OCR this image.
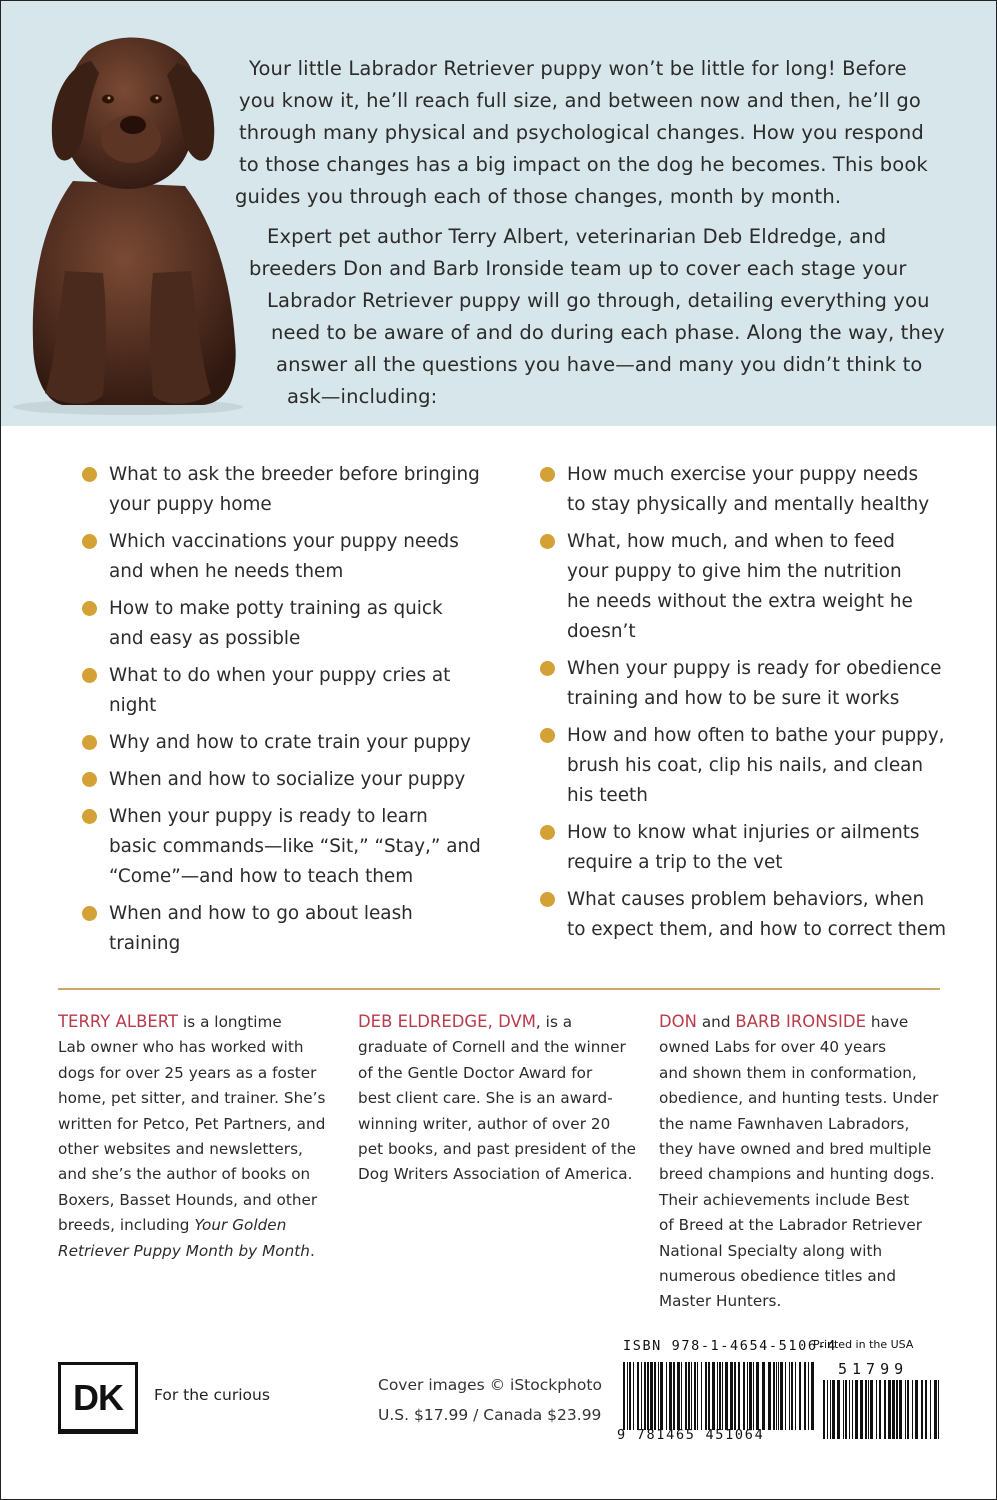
Your little Labrador Retriever puppy won’t be little for long! Before

you know it, he’ll reach full size, and between now and then, he’ll go

through many physical and psychological changes. How you respond

to those changes has a big impact on the dog he becomes. This book

guides you through each of those changes, month by month.

Expert pet author Terry Albert, veterinarian Deb Eldredge, and

breeders Don and Barb Ironside team up to cover each stage your

Labrador Retriever puppy will go through, detailing everything you

need to be aware of and do during each phase. Along the way, they

answer all the questions you have—and many you didn’t think to

ask—including:

What to ask the breeder before bringing
your puppy home
Which vaccinations your puppy needs
and when he needs them
How to make potty training as quick
and easy as possible
What to do when your puppy cries at
night
Why and how to crate train your puppy
When and how to socialize your puppy
When your puppy is ready to learn
basic commands—like “Sit,” “Stay,” and
“Come”—and how to teach them
When and how to go about leash
training
How much exercise your puppy needs
to stay physically and mentally healthy
What, how much, and when to feed
your puppy to give him the nutrition
he needs without the extra weight he
doesn’t
When your puppy is ready for obedience
training and how to be sure it works
How and how often to bathe your puppy,
brush his coat, clip his nails, and clean
his teeth
How to know what injuries or ailments
require a trip to the vet
What causes problem behaviors, when
to expect them, and how to correct them
TERRY ALBERT is a longtime
Lab owner who has worked with
dogs for over 25 years as a foster
home, pet sitter, and trainer. She’s
written for Petco, Pet Partners, and
other websites and newsletters,
and she’s the author of books on
Boxers, Basset Hounds, and other
breeds, including Your Golden
Retriever Puppy Month by Month.
DEB ELDREDGE, DVM, is a
graduate of Cornell and the winner
of the Gentle Doctor Award for
best client care. She is an award-
winning writer, author of over 20
pet books, and past president of the
Dog Writers Association of America.
DON and BARB IRONSIDE have
owned Labs for over 40 years
and shown them in conformation,
obedience, and hunting tests. Under
the name Fawnhaven Labradors,
they have owned and bred multiple
breed champions and hunting dogs.
Their achievements include Best
of Breed at the Labrador Retriever
National Specialty along with
numerous obedience titles and
Master Hunters.
DK	For the curious
Cover images © iStockphoto
U.S. $17.99 / Canada $23.99
ISBN 978-1-4654-5106-4
Printed in the USA
9 781465 451064
51799
